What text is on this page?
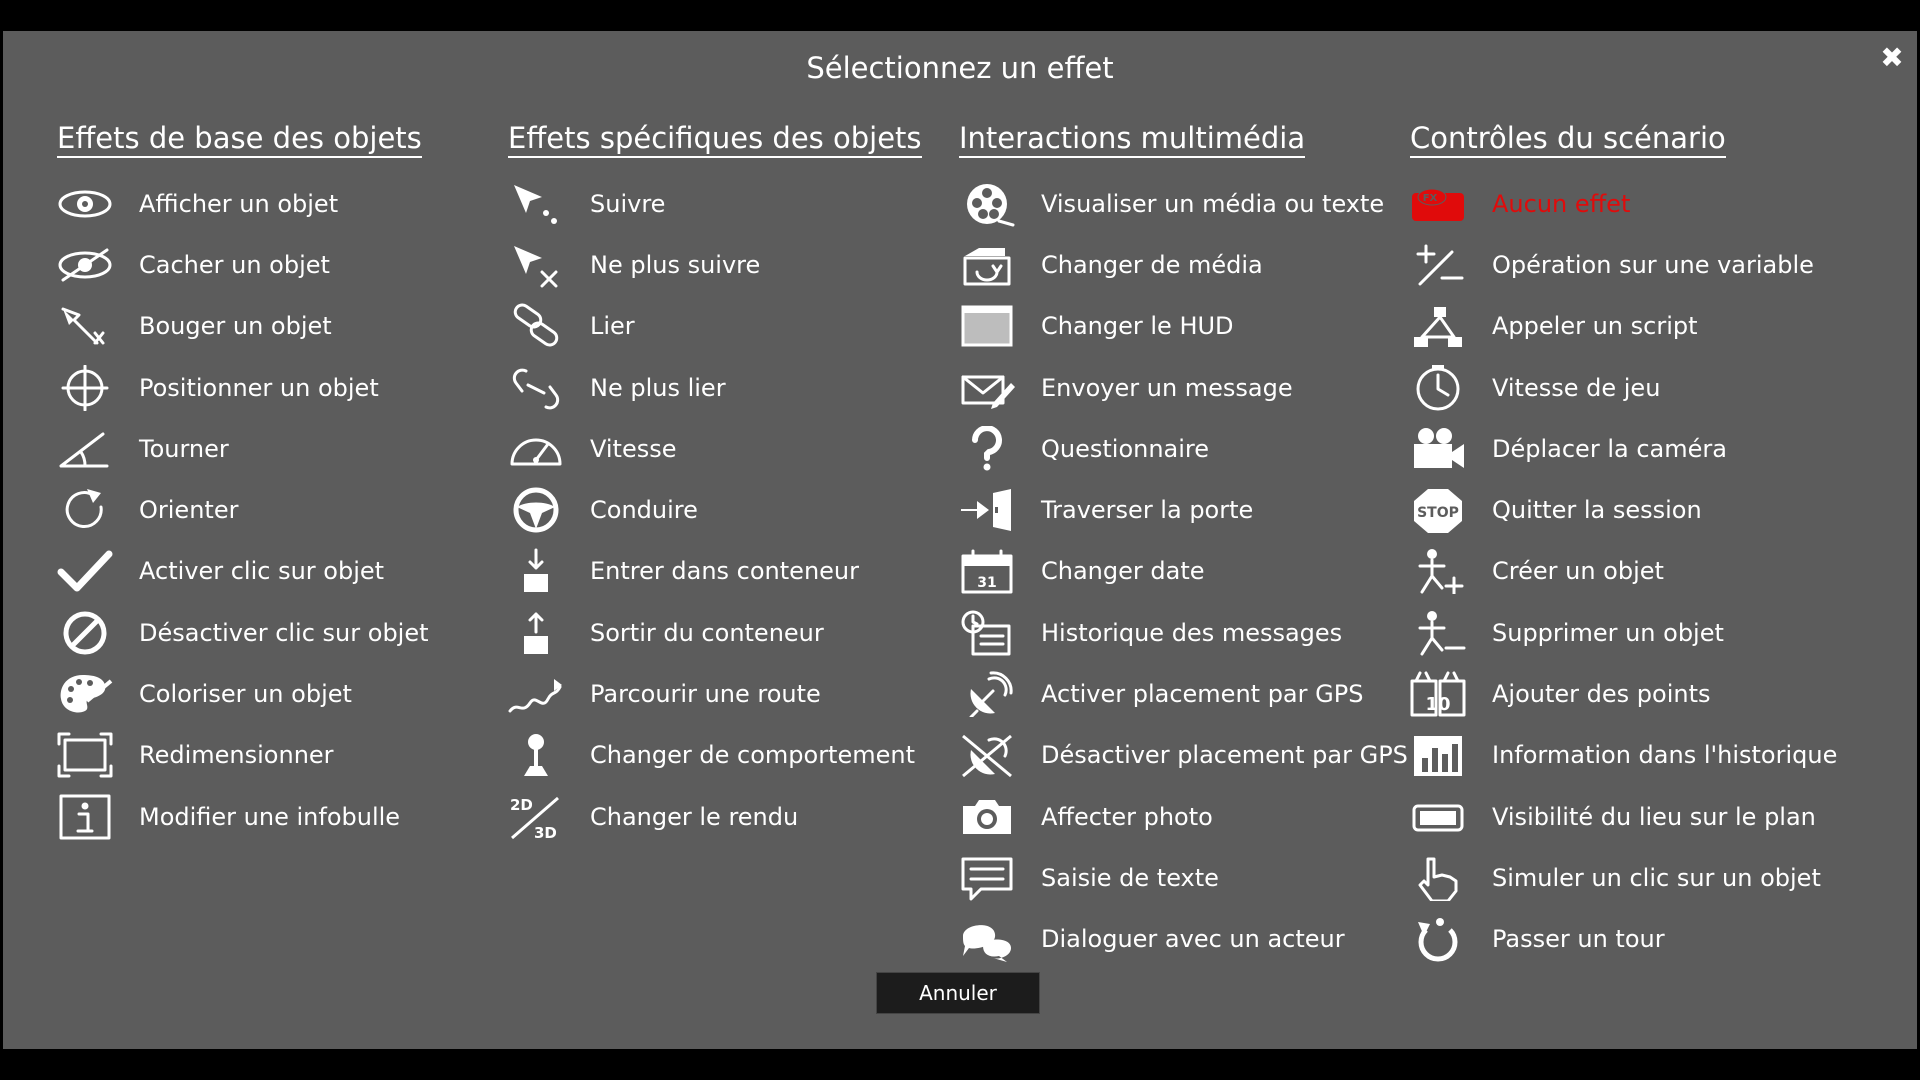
Sélectionnez un effet	✖
Effets de base des objets
Afficher un objet
Cacher un objet
Bouger un objet
Positionner un objet
Tourner
Orienter
Activer clic sur objet
Désactiver clic sur objet
Coloriser un objet
Redimensionner
Modifier une infobulle
Effets spécifiques des objets
Suivre
Ne plus suivre
Lier
Ne plus lier
Vitesse
Conduire
Entrer dans conteneur
Sortir du conteneur
Parcourir une route
Changer de comportement
2D
3D
Changer le rendu
Interactions multimédia
Visualiser un média ou texte
Changer de média
Changer le HUD
Envoyer un message
Questionnaire
Traverser la porte
31 Changer date
Historique des messages
Activer placement par GPS
Désactiver placement par GPS
Affecter photo
Saisie de texte
Dialoguer avec un acteur
Contrôles du scénario
FX Aucun effet
Opération sur une variable
Appeler un script
Vitesse de jeu
Déplacer la caméra
STOP Quitter la session
Créer un objet
Supprimer un objet
10 Ajouter des points
Information dans l'historique
Visibilité du lieu sur le plan
Simuler un clic sur un objet
Passer un tour
Annuler
